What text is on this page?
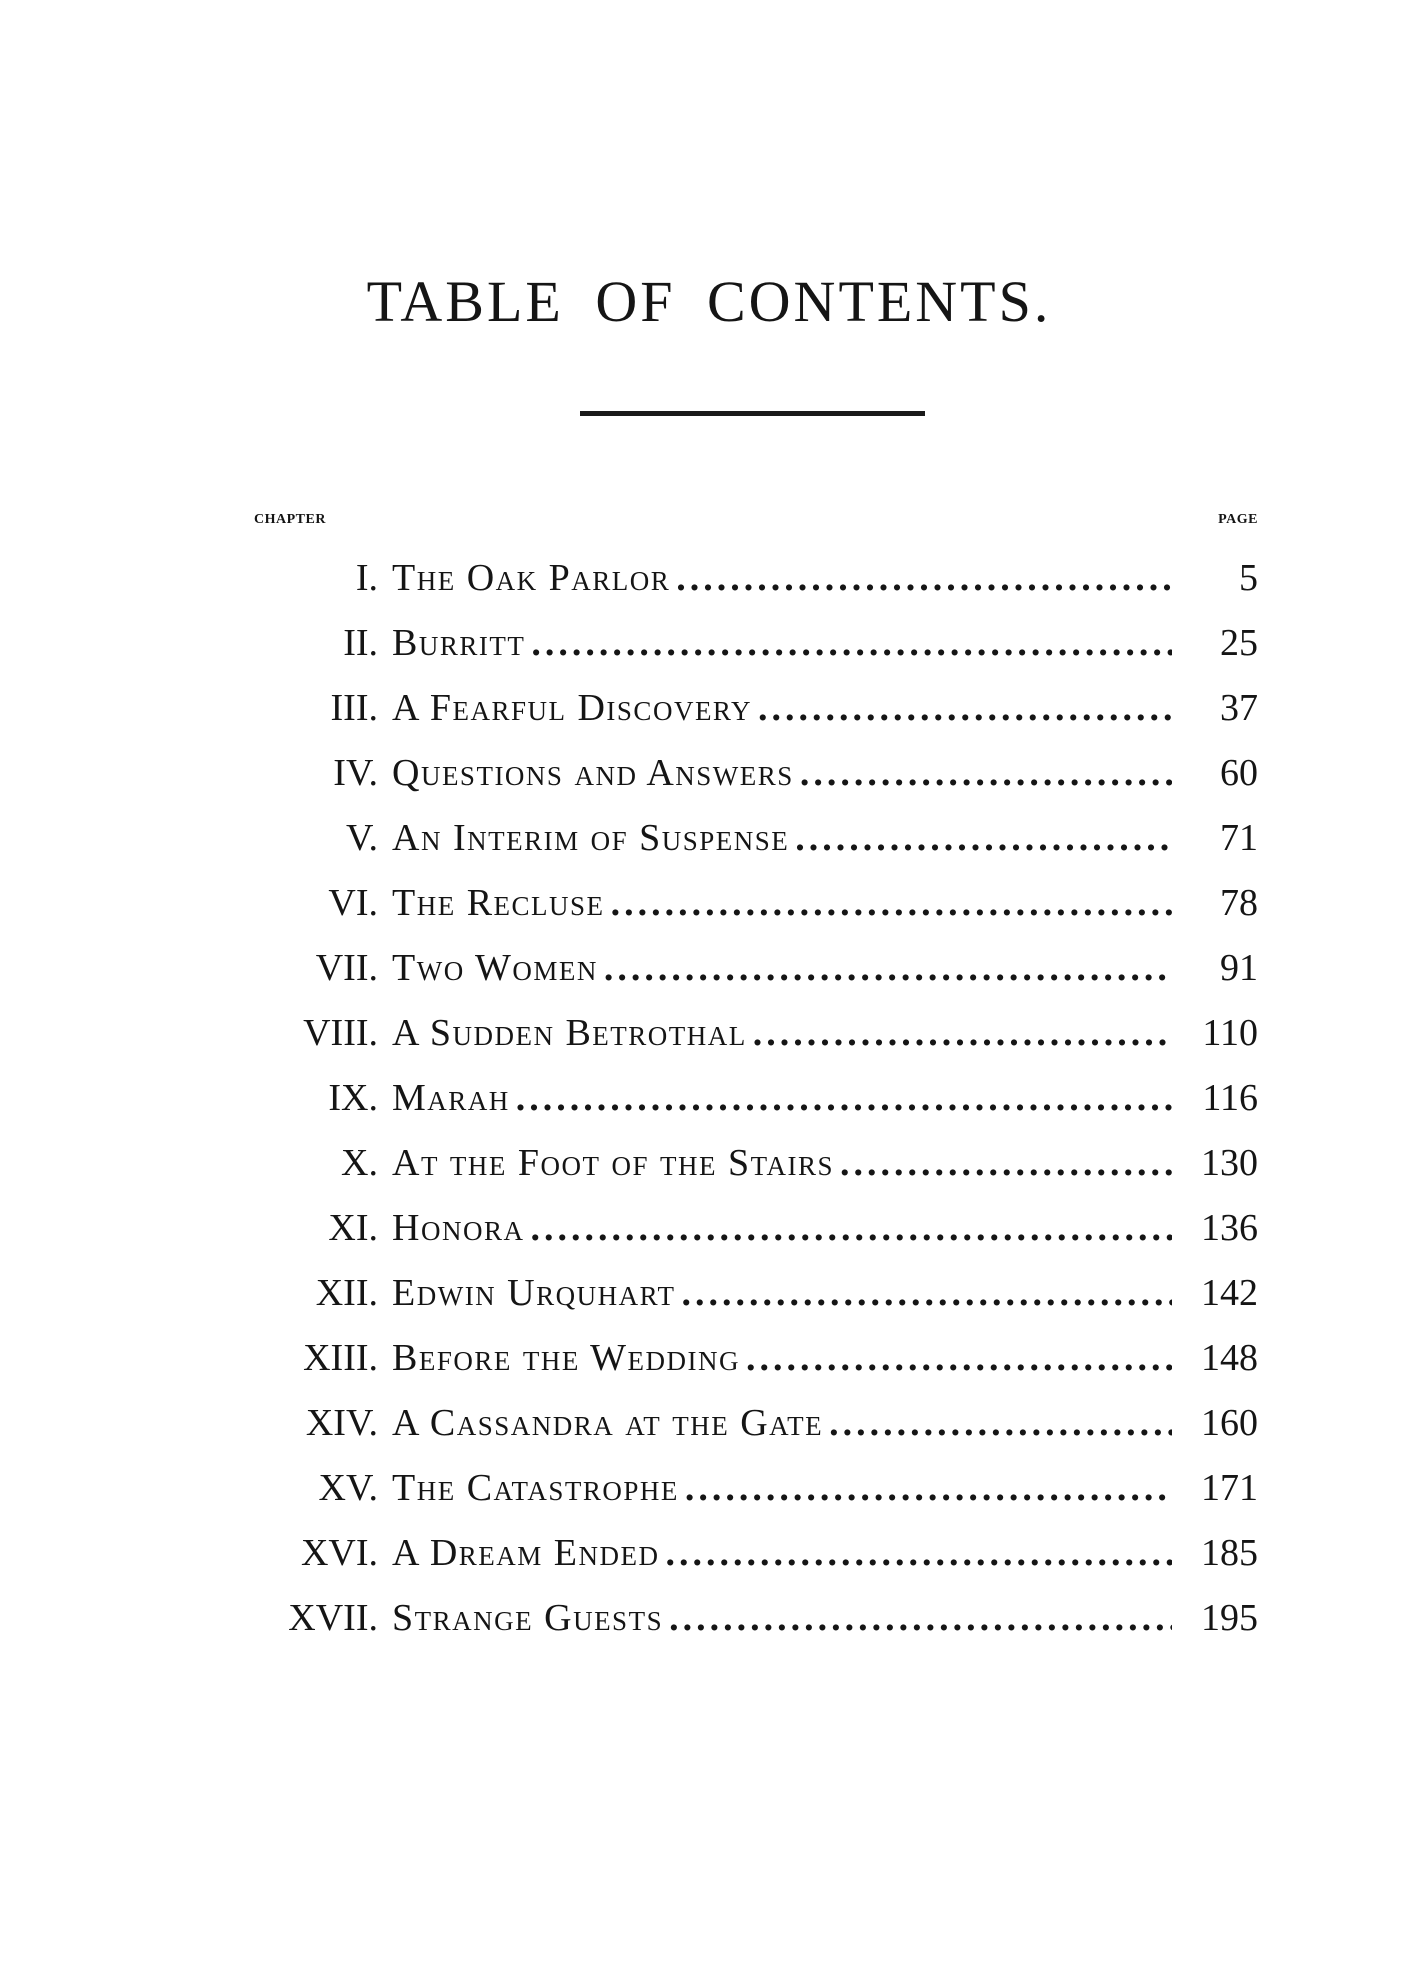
TABLE OF CONTENTS.
chapter	page
I. The Oak Parlor .....	5
II. Burritt .....	25
III. A Fearful Discovery .....	37
IV. Questions and Answers .....	60
V. An Interim of Suspense .....	71
VI. The Recluse .....	78
VII. Two Women .....	91
VIII. A Sudden Betrothal .....	110
IX. Marah .....	116
X. At the Foot of the Stairs .....	130
XI. Honora .....	136
XII. Edwin Urquhart .....	142
XIII. Before the Wedding .....	148
XIV. A Cassandra at the Gate .....	160
XV. The Catastrophe .....	171
XVI. A Dream Ended .....	185
XVII. Strange Guests .....	195
